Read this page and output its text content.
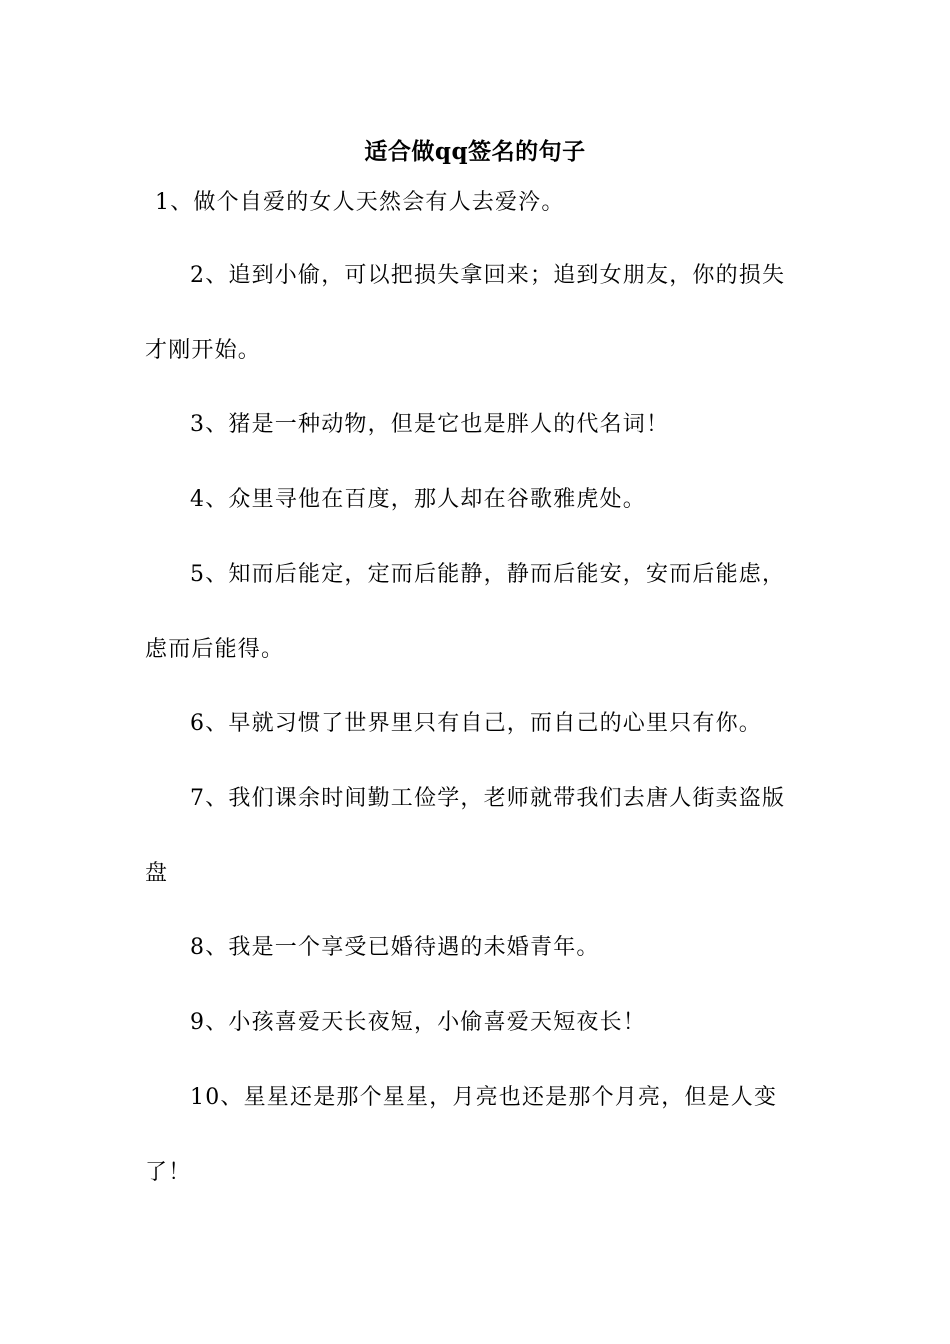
适合做qq签名的句子
1、做个自爱的女人天然会有人去爱汵。
2、追到小偷，可以把损失拿回来；追到女朋友，你的损失
才刚开始。
3、猪是一种动物，但是它也是胖人的代名词！
4、众里寻他在百度，那人却在谷歌雅虎处。
5、知而后能定，定而后能静，静而后能安，安而后能虑，
虑而后能得。
6、早就习惯了世界里只有自己，而自己的心里只有你。
7、我们课余时间勤工俭学，老师就带我们去唐人街卖盗版
盘
8、我是一个享受已婚待遇的未婚青年。
9、小孩喜爱天长夜短，小偷喜爱天短夜长！
10、星星还是那个星星，月亮也还是那个月亮，但是人变
了！
